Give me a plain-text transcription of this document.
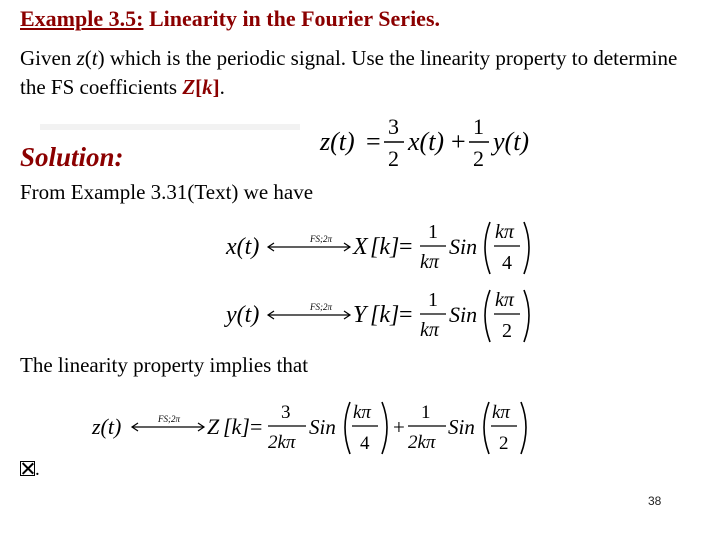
Example 3.5: Linearity in the Fourier Series.
Given z(t) which is the periodic signal. Use the linearity property to determine the FS coefficients Z[k].
z(t) =
3
2
x(t) +
1
2
y(t)
Solution:
From Example 3.31(Text) we have
x(t)	FS;2π X [k] =
1
kπ
Sin
kπ
4
y(t)	FS;2π Y [k] =
1
kπ
Sin
kπ
2
The linearity property implies that
z(t)	FS;2π Z [k] =
3
2kπ
Sin
kπ
4
+
1
2kπ
Sin
kπ
2
.
38
